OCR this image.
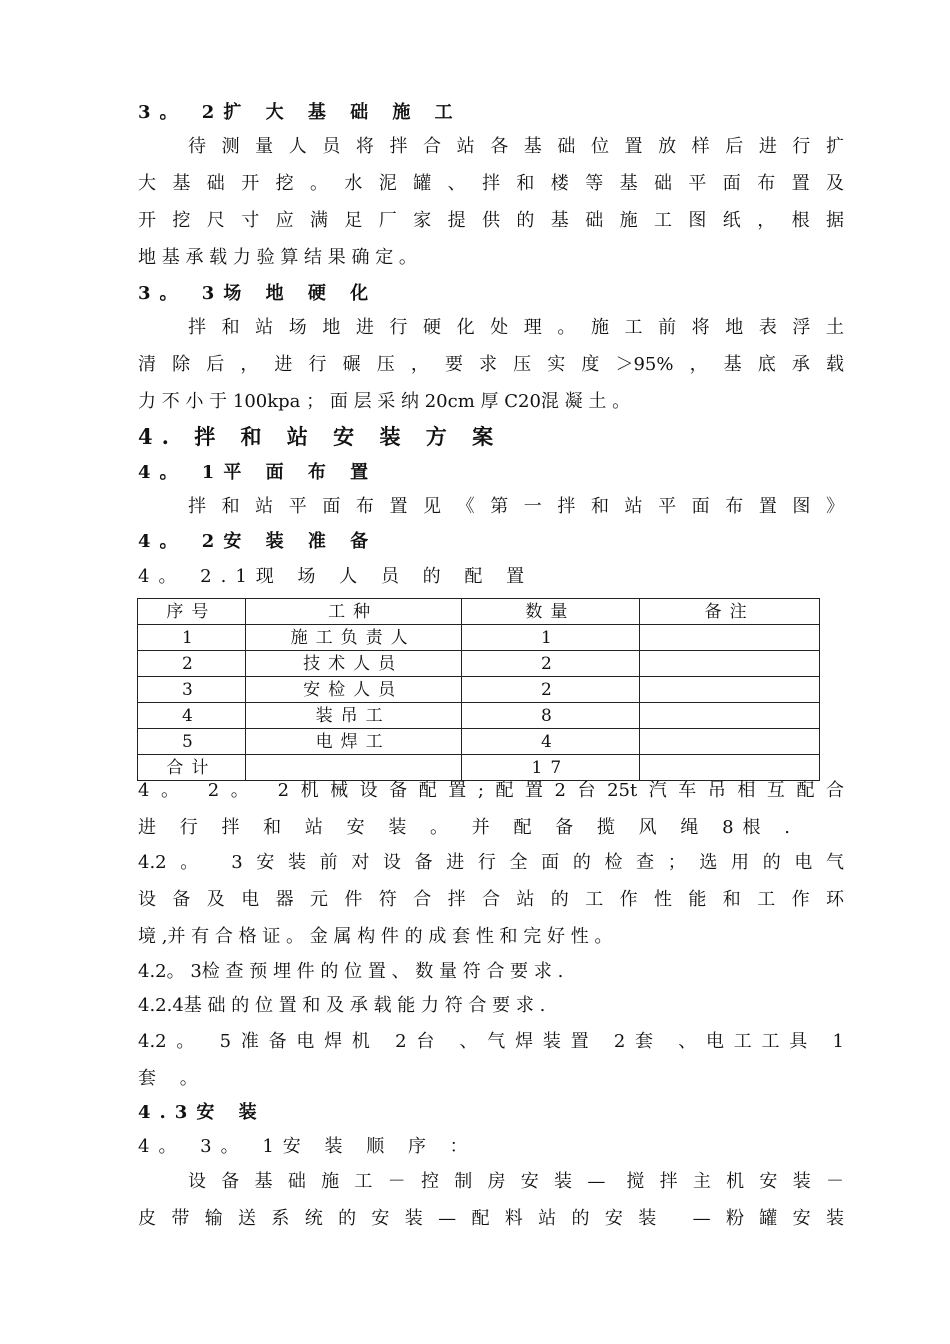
3。 2扩 大 基 础 施 工
待测量人员将拌合站各基础位置放样后进行扩
大基础开挖。水泥罐、拌和楼等基础平面布置及
开挖尺寸应满足厂家提供的基础施工图纸，根据
地 基 承 载 力 验 算 结 果 确 定 。
3。 3场 地 硬 化
拌和站场地进行硬化处理。施工前将地表浮土
清除后，进行碾压，要求压实度＞95%，基底承载
力 不 小 于 100kpa ； 面 层 采 纳 20cm 厚 C20混 凝 土 。
4. 拌 和 站 安 装 方 案
4。 1平 面 布 置
拌和站平面布置见《第一拌和站平面布置图》
4。 2安 装 准 备
4。 2.1现 场 人 员 的 配 置
序号	工种	数量	备注
1	施工负责人	1	
2	技术人员	2	
3	安检人员	2	
4	装吊工	8	
5	电焊工	4	
合计		17	
4。 2。 2机械设备配置;配置2台25t汽车吊相互配合
进 行 拌 和 站 安 装 。 并 配 备 揽 风 绳 8根 .
4.2。 3安装前对设备进行全面的检查；选用的电气
设备及电器元件符合拌合站的工作性能和工作环
境 ,并 有 合 格 证 。 金 属 构 件 的 成 套 性 和 完 好 性 。
4.2。 3检 查 预 埋 件 的 位 置 、 数 量 符 合 要 求 .
4.2.4基 础 的 位 置 和 及 承 载 能 力 符 合 要 求 .
4.2。 5准备电焊机 2台 、气焊装置 2套 、电工工具 1
套 。
4.3安 装
4。 3。 1安 装 顺 序 ：
设备基础施工－控制房安装— 搅拌主机安装－
皮带输送系统的安装—配料站的安装 —粉罐安装
